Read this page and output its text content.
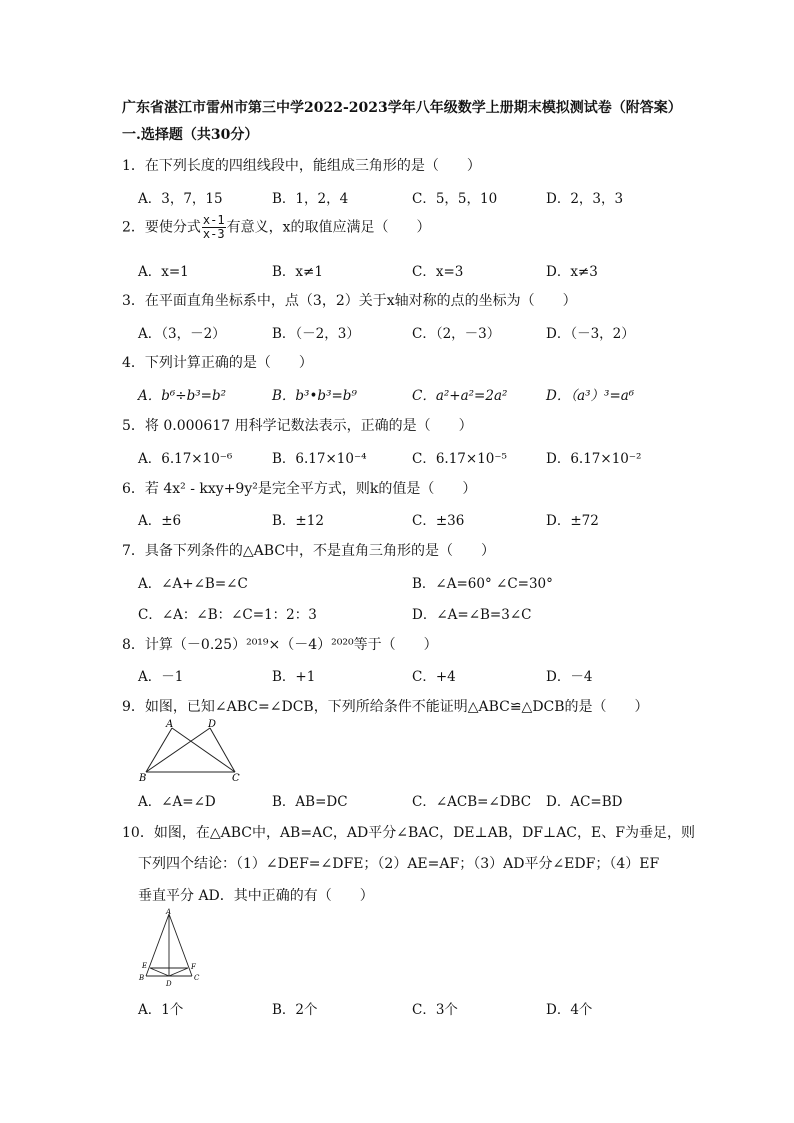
广东省湛江市雷州市第三中学2022-2023学年八年级数学上册期末模拟测试卷（附答案）
一.选择题（共30分）
1．在下列长度的四组线段中，能组成三角形的是（　　）
A．3，7，15	B．1，2，4	C．5，5，10	D．2，3，3
2．要使分式 $\frac{x-1}{x-3}$ 有意义，x的取值应满足（　　）
A．x=1	B．x≠1	C．x=3	D．x≠3
3．在平面直角坐标系中，点（3，2）关于x轴对称的点的坐标为（　　）
A．（3，－2）	B．（－2，3）	C．（2，－3）	D．（－3，2）
4．下列计算正确的是（　　）
A．b⁶÷b³=b²	B．b³•b³=b⁹	C．a²+a²=2a²	D．（a³）³=a⁶
5．将 0.000617 用科学记数法表示，正确的是（　　）
A．6.17×10⁻⁶	B．6.17×10⁻⁴	C．6.17×10⁻⁵	D．6.17×10⁻²
6．若 4x² - kxy+9y²是完全平方式，则k的值是（　　）
A．±6	B．±12	C．±36	D．±72
7．具备下列条件的△ABC中，不是直角三角形的是（　　）
A．∠A+∠B=∠C	B．∠A=60° ∠C=30°
C．∠A：∠B：∠C=1：2：3	D．∠A=∠B=3∠C
8．计算（－0.25）²⁰¹⁹×（－4）²⁰²⁰等于（　　）
A．－1	B．+1	C．+4	D．－4
9．如图，已知∠ABC=∠DCB，下列所给条件不能证明△ABC≌△DCB的是（　　）
A	D
B	C
A．∠A=∠D	B．AB=DC	C．∠ACB=∠DBC D．AC=BD
10．如图，在△ABC中，AB=AC，AD平分∠BAC，DE⊥AB，DF⊥AC，E、F为垂足，则
下列四个结论：（1）∠DEF=∠DFE；（2）AE=AF；（3）AD平分∠EDF；（4）EF
垂直平分 AD．其中正确的有（　　）
A
E	F
B	C
D
A．1个	B．2个	C．3个	D．4个
